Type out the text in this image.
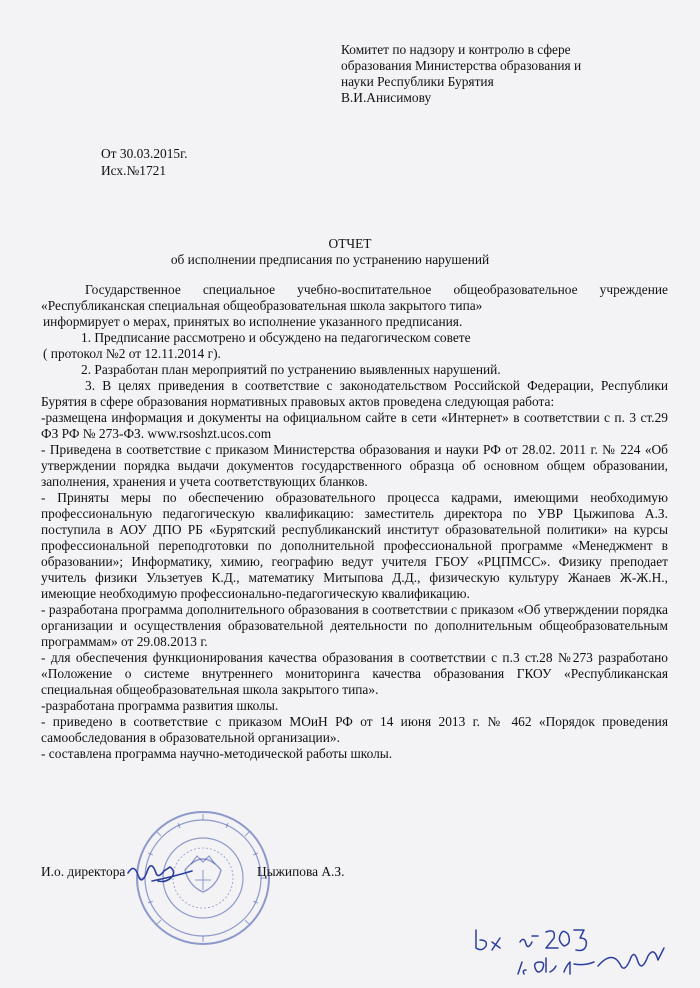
Комитет по надзору и контролю в сфере
образования Министерства образования и
науки Республики Бурятия
В.И.Анисимову
От 30.03.2015г.
Исх.№1721
ОТЧЕТ
об исполнении предписания по устранению нарушений

Государственное специальное учебно-воспитательное общеобразовательное учреждение «Республиканская специальная общеобразовательная школа закрытого типа»

информирует о мерах, принятых во исполнение указанного предписания.

1. Предписание рассмотрено и обсуждено на педагогическом совете

( протокол №2 от 12.11.2014 г).

2. Разработан план мероприятий по устранению выявленных нарушений.

3. В целях приведения в соответствие с законодательством Российской Федерации, Республики Бурятия в сфере образования нормативных правовых актов проведена следующая работа:

-размещена информация и документы на официальном сайте в сети «Интернет» в соответствии с п. 3 ст.29 ФЗ РФ № 273-ФЗ. www.rsoshzt.ucos.com

- Приведена в соответствие с приказом Министерства образования и науки РФ от 28.02. 2011 г. № 224 «Об утверждении порядка выдачи документов государственного образца об основном общем образовании, заполнения, хранения и учета соответствующих бланков.

- Приняты меры по обеспечению образовательного процесса кадрами, имеющими необходимую профессиональную педагогическую квалификацию: заместитель директора по УВР Цыжипова А.З. поступила в АОУ ДПО РБ «Бурятский республиканский институт образовательной политики» на курсы профессиональной переподготовки по дополнительной профессиональной программе «Менеджмент в образовании»; Информатику, химию, географию ведут учителя ГБОУ «РЦПМСС». Физику преподает учитель физики Ульзетуев К.Д., математику Митыпова Д.Д., физическую культуру Жанаев Ж-Ж.Н., имеющие необходимую профессионально-педагогическую квалификацию.

- разработана программа дополнительного образования в соответствии с приказом «Об утверждении порядка организации и осуществления образовательной деятельности по дополнительным общеобразовательным программам» от 29.08.2013 г.

- для обеспечения функционирования качества образования в соответствии с п.3 ст.28 №273 разработано «Положение о системе внутреннего мониторинга качества образования ГКОУ «Республиканская специальная общеобразовательная школа закрытого типа».

-разработана программа развития школы.

- приведено в соответствие с приказом МОиН РФ от 14 июня 2013 г. № 462 «Порядок проведения самообследования в образовательной организации».

- составлена программа научно-методической работы школы.

И.о. директора	Цыжипова А.З.
